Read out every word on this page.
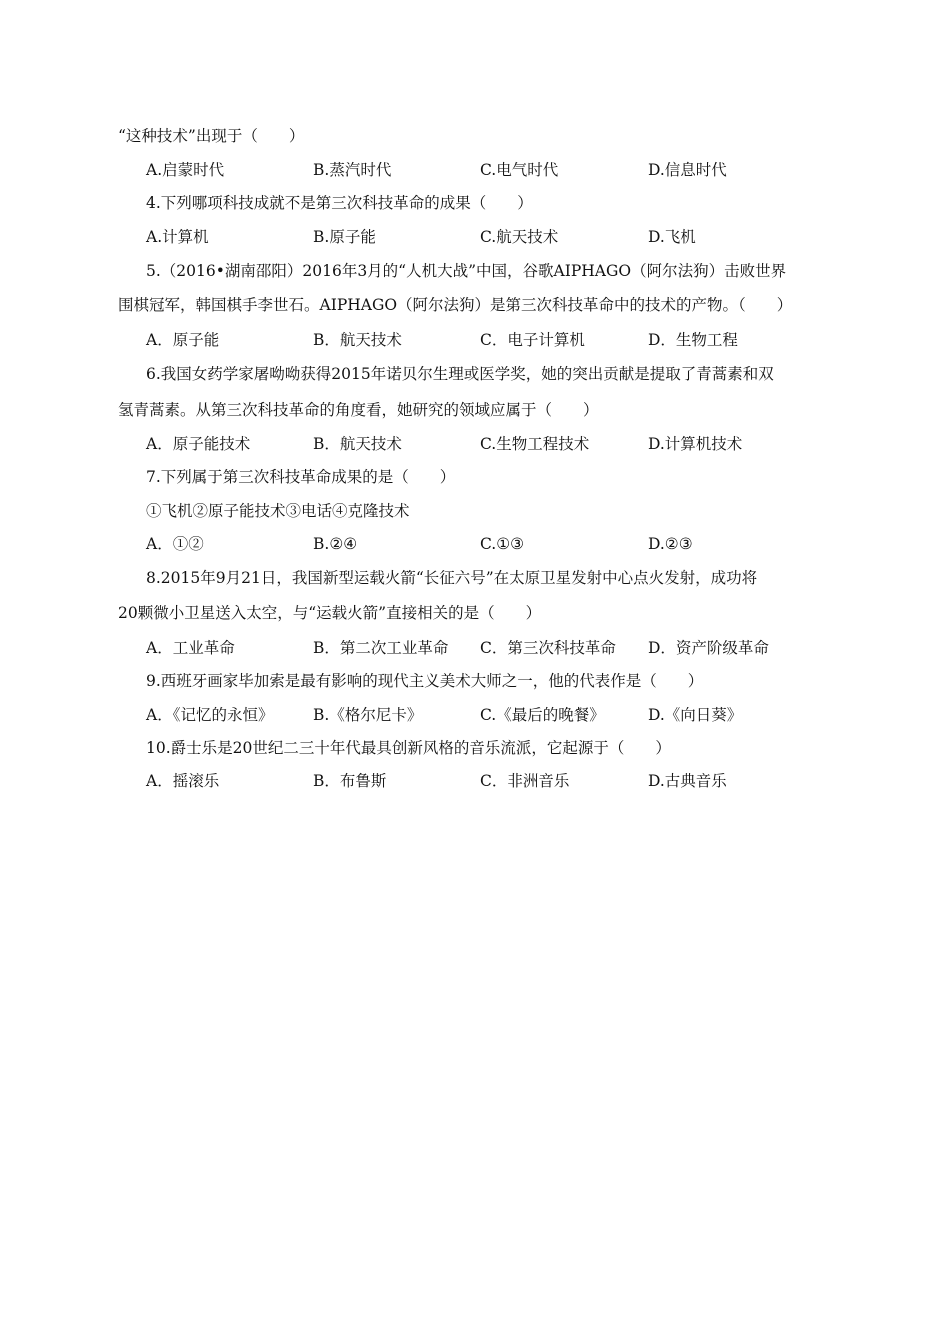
“这种技术”出现于（　　）
A.启蒙时代	B.蒸汽时代	C.电气时代	D.信息时代
4.下列哪项科技成就不是第三次科技革命的成果（　　）
A.计算机	B.原子能	C.航天技术	D.飞机
5.（2016•湖南邵阳）2016年3月的“人机大战”中国，谷歌AIPHAGO（阿尔法狗）击败世界
围棋冠军，韩国棋手李世石。AIPHAGO（阿尔法狗）是第三次科技革命中的技术的产物。（　　）
A．原子能	B．航天技术	C．电子计算机	D．生物工程
6.我国女药学家屠呦呦获得2015年诺贝尔生理或医学奖，她的突出贡献是提取了青蒿素和双
氢青蒿素。从第三次科技革命的角度看，她研究的领域应属于（　　）
A．原子能技术	B．航天技术	C.生物工程技术	D.计算机技术
7.下列属于第三次科技革命成果的是（　　）
①飞机②原子能技术③电话④克隆技术
A．①②	B.②④	C.①③	D.②③
8.2015年9月21日，我国新型运载火箭“长征六号”在太原卫星发射中心点火发射，成功将
20颗微小卫星送入太空，与“运载火箭”直接相关的是（　　）
A．工业革命	B．第二次工业革命 C．第三次科技革命 D．资产阶级革命
9.西班牙画家毕加索是最有影响的现代主义美术大师之一，他的代表作是（　　）
A．《记忆的永恒》	B.《格尔尼卡》	C.《最后的晚餐》	D.《向日葵》
10.爵士乐是20世纪二三十年代最具创新风格的音乐流派，它起源于（　　）
A．摇滚乐	B．布鲁斯	C．非洲音乐	D.古典音乐
